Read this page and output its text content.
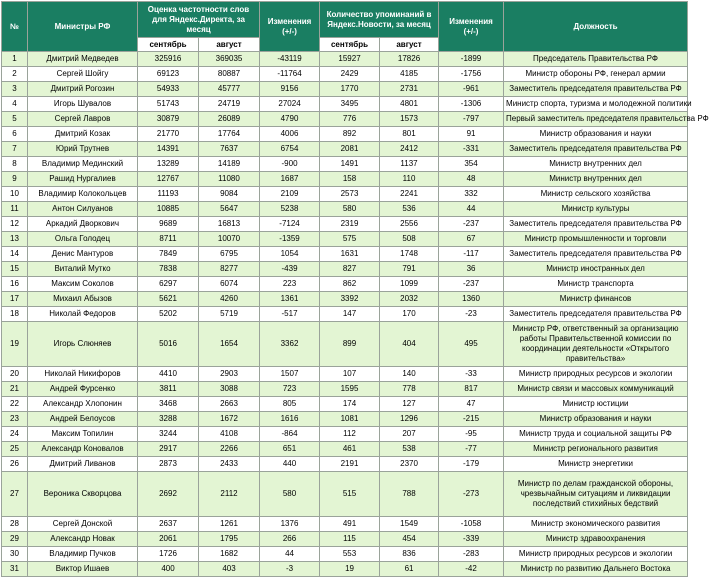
№	Министры РФ	Оценка частотности слов для Яндекс.Директа, за месяц		Изменения (+/-)	Количество упоминаний в Яндекс.Новости, за месяц		Изменения (+/-)	Должность
		сентябрь	август		сентябрь	август		
1	Дмитрий Медведев	325916	369035	-43119	15927	17826	-1899	Председатель Правительства РФ
2	Сергей Шойгу	69123	80887	-11764	2429	4185	-1756	Министр обороны РФ, генерал армии
3	Дмитрий Рогозин	54933	45777	9156	1770	2731	-961	Заместитель председателя правительства РФ
4	Игорь Шувалов	51743	24719	27024	3495	4801	-1306	Министр спорта, туризма и молодежной политики
5	Сергей Лавров	30879	26089	4790	776	1573	-797	Первый заместитель председателя правительства РФ
6	Дмитрий Козак	21770	17764	4006	892	801	91	Министр образования и науки
7	Юрий Трутнев	14391	7637	6754	2081	2412	-331	Заместитель председателя правительства РФ
8	Владимир Мединский	13289	14189	-900	1491	1137	354	Министр внутренних дел
9	Рашид Нургалиев	12767	11080	1687	158	110	48	Министр внутренних дел
10	Владимир Колокольцев	11193	9084	2109	2573	2241	332	Министр сельского хозяйства
11	Антон Силуанов	10885	5647	5238	580	536	44	Министр культуры
12	Аркадий Дворкович	9689	16813	-7124	2319	2556	-237	Заместитель председателя правительства РФ
13	Ольга Голодец	8711	10070	-1359	575	508	67	Министр промышленности и торговли
14	Денис Мантуров	7849	6795	1054	1631	1748	-117	Заместитель председателя правительства РФ
15	Виталий Мутко	7838	8277	-439	827	791	36	Министр иностранных дел
16	Максим Соколов	6297	6074	223	862	1099	-237	Министр транспорта
17	Михаил Абызов	5621	4260	1361	3392	2032	1360	Министр финансов
18	Николай Федоров	5202	5719	-517	147	170	-23	Заместитель председателя правительства РФ
19	Игорь Слюняев	5016	1654	3362	899	404	495	Министр РФ, ответственный за организацию работы Правительственной комиссии по координации деятельности «Открытого правительства»
20	Николай Никифоров	4410	2903	1507	107	140	-33	Министр природных ресурсов и экологии
21	Андрей Фурсенко	3811	3088	723	1595	778	817	Министр связи и массовых коммуникаций
22	Александр Хлопонин	3468	2663	805	174	127	47	Министр юстиции
23	Андрей Белоусов	3288	1672	1616	1081	1296	-215	Министр образования и науки
24	Максим Топилин	3244	4108	-864	112	207	-95	Министр труда и социальной защиты РФ
25	Александр Коновалов	2917	2266	651	461	538	-77	Министр регионального развития
26	Дмитрий Ливанов	2873	2433	440	2191	2370	-179	Министр энергетики
27	Вероника Скворцова	2692	2112	580	515	788	-273	Министр по делам гражданской обороны, чрезвычайным ситуациям и ликвидации последствий стихийных бедствий
28	Сергей Донской	2637	1261	1376	491	1549	-1058	Министр экономического развития
29	Александр Новак	2061	1795	266	115	454	-339	Министр здравоохранения
30	Владимир Пучков	1726	1682	44	553	836	-283	Министр природных ресурсов и экологии
31	Виктор Ишаев	400	403	-3	19	61	-42	Министр по развитию Дальнего Востока
